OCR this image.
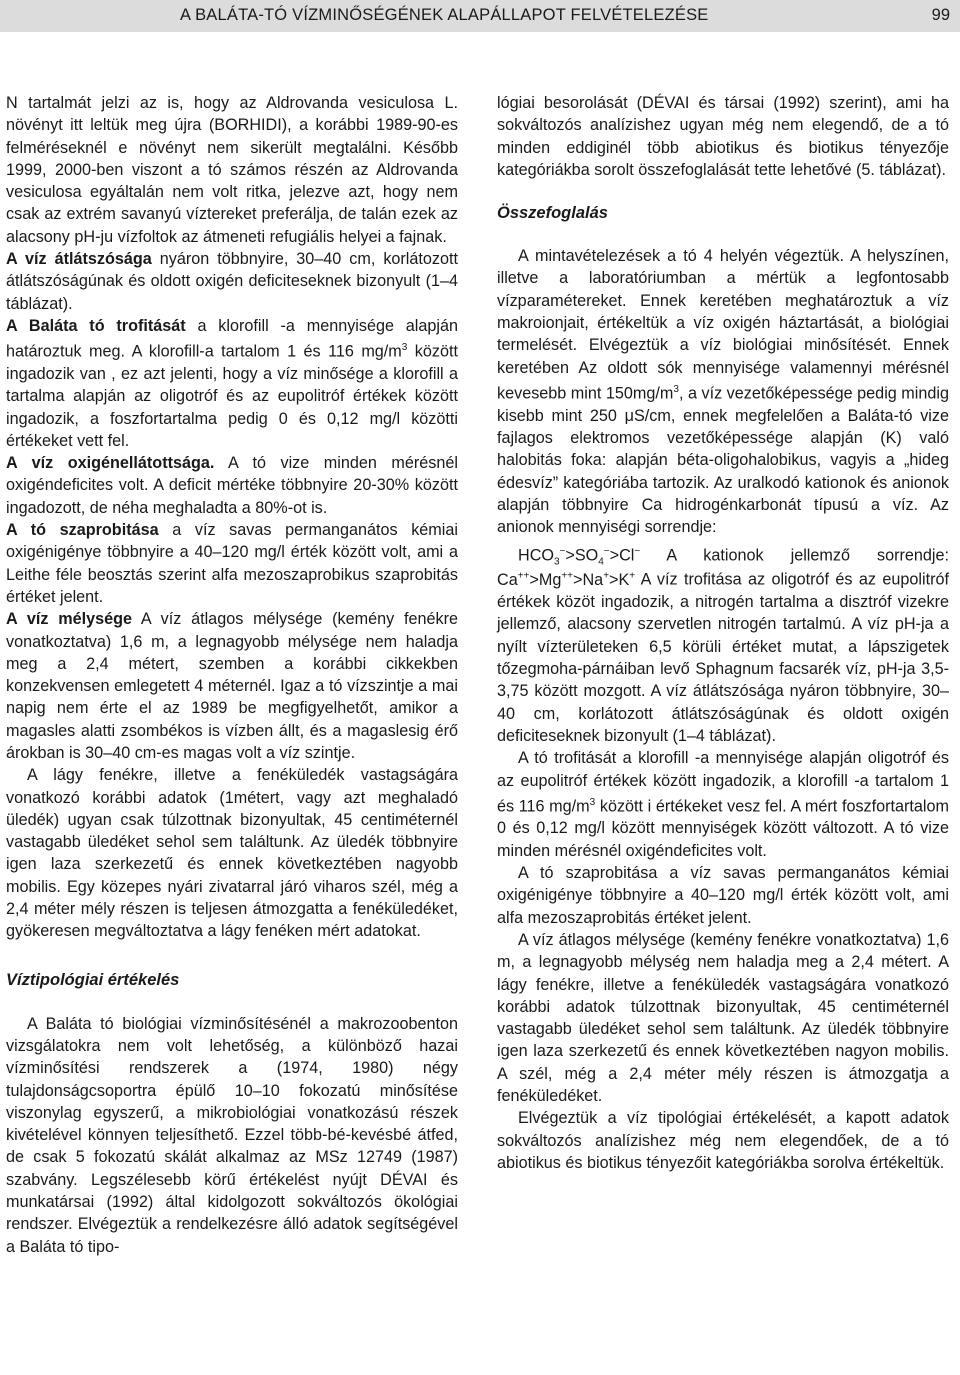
A BALÁTA-TÓ VÍZMINŐSÉGÉNEK ALAPÁLLAPOT FELVÉTELEZÉSE	99

N tartalmát jelzi az is, hogy az Aldrovanda vesiculosa L. növényt itt leltük meg újra (BORHIDI), a korábbi 1989-90-es felméréseknél e növényt nem sikerült megtalálni. Később 1999, 2000-ben viszont a tó számos részén az Aldrovanda vesiculosa egyáltalán nem volt ritka, jelezve azt, hogy nem csak az extrém savanyú víztereket preferálja, de talán ezek az alacsony pH-ju vízfoltok az átmeneti refugiális helyei a fajnak.

A víz átlátszósága nyáron többnyire, 30–40 cm, korlátozott átlátszóságúnak és oldott oxigén deficiteseknek bizonyult (1–4 táblázat).

A Baláta tó trofitását a klorofill -a mennyisége alapján határoztuk meg. A klorofill-a tartalom 1 és 116 $mg/m^3$ között ingadozik van , ez azt jelenti, hogy a víz minősége a klorofill a tartalma alapján az oligotróf és az eupolitróf értékek között ingadozik, a foszfortartalma pedig 0 és 0,12 mg/l közötti értékeket vett fel.

A víz oxigénellátottsága. A tó vize minden mérésnél oxigéndeficites volt. A deficit mértéke többnyire 20-30% között ingadozott, de néha meghaladta a 80%-ot is.

A tó szaprobitása a víz savas permanganátos kémiai oxigénigénye többnyire a 40–120 mg/l érték között volt, ami a Leithe féle beosztás szerint alfa mezoszaprobikus szaprobitás értéket jelent.

A víz mélysége A víz átlagos mélysége (kemény fenékre vonatkoztatva) 1,6 m, a legnagyobb mélysége nem haladja meg a 2,4 métert, szemben a korábbi cikkekben konzekvensen emlegetett 4 méternél. Igaz a tó vízszintje a mai napig nem érte el az 1989 be megfigyelhetőt, amikor a magasles alatti zsombékos is vízben állt, és a magaslesig érő árokban is 30–40 cm-es magas volt a víz szintje.

A lágy fenékre, illetve a fenéküledék vastagságára vonatkozó korábbi adatok (1métert, vagy azt meghaladó üledék) ugyan csak túlzottnak bizonyultak, 45 centiméternél vastagabb üledéket sehol sem találtunk. Az üledék többnyire igen laza szerkezetű és ennek következtében nagyobb mobilis. Egy közepes nyári zivatarral járó viharos szél, még a 2,4 méter mély részen is teljesen átmozgatta a fenéküledéket, gyökeresen megváltoztatva a lágy fenéken mért adatokat.

Víztipológiai értékelés

A Baláta tó biológiai vízminősítésénél a makrozoobenton vizsgálatokra nem volt lehetőség, a különböző hazai vízminősítési rendszerek a (1974, 1980) négy tulajdonságcsoportra épülő 10–10 fokozatú minősítése viszonylag egyszerű, a mikrobiológiai vonatkozású részek kivételével könnyen teljesíthető. Ezzel több-bé-kevésbé átfed, de csak 5 fokozatú skálát alkalmaz az MSz 12749 (1987) szabvány. Legszélesebb körű értékelést nyújt DÉVAI és munkatársai (1992) által kidolgozott sokváltozós ökológiai rendszer. Elvégeztük a rendelkezésre álló adatok segítségével a Baláta tó tipo-

lógiai besorolását (DÉVAI és társai (1992) szerint), ami ha sokváltozós analízishez ugyan még nem elegendő, de a tó minden eddiginél több abiotikus és biotikus tényezője kategóriákba sorolt összefoglalását tette lehetővé (5. táblázat).

Összefoglalás

A mintavételezések a tó 4 helyén végeztük. A helyszínen, illetve a laboratóriumban a mértük a legfontosabb vízparamétereket. Ennek keretében meghatároztuk a víz makroionjait, értékeltük a víz oxigén háztartását, a biológiai termelését. Elvégeztük a víz biológiai minősítését. Ennek keretében Az oldott sók mennyisége valamennyi mérésnél kevesebb mint $150mg/m^3$, a víz vezetőképessége pedig mindig kisebb mint 250 μS/cm, ennek megfelelően a Baláta-tó vize fajlagos elektromos vezetőképessége alapján (K) való halobitás foka: alapján béta-oligohalobikus, vagyis a „hideg édesvíz” kategóriába tartozik. Az uralkodó kationok és anionok alapján többnyire Ca hidrogénkarbonát típusú a víz. Az anionok mennyiségi sorrendje:
$HCO_3^->SO_4^->Cl^-$ A kationok jellemző sorrendje:
Ca++>Mg++>Na+>K+ A víz trofitása az oligotróf és az eupolitróf értékek közöt ingadozik, a nitrogén tartalma a disztróf vizekre jellemző, alacsony szervetlen nitrogén tartalmú. A víz pH-ja a nyílt vízterületeken 6,5 körüli értéket mutat, a lápszigetek tőzegmoha-párnáiban levő Sphagnum facsarék víz, pH-ja 3,5-3,75 között mozgott. A víz átlátszósága nyáron többnyire, 30–40 cm, korlátozott átlátszóságúnak és oldott oxigén deficiteseknek bizonyult (1–4 táblázat).

A tó trofitását a klorofill -a mennyisége alapján oligotróf és az eupolitróf értékek között ingadozik, a klorofill -a tartalom 1 és 116 $mg/m^3$ között i értékeket vesz fel. A mért foszfortartalom 0 és 0,12 mg/l között mennyiségek között változott. A tó vize minden mérésnél oxigéndeficites volt.

A tó szaprobitása a víz savas permanganátos kémiai oxigénigénye többnyire a 40–120 mg/l érték között volt, ami alfa mezoszaprobitás értéket jelent.

A víz átlagos mélysége (kemény fenékre vonatkoztatva) 1,6 m, a legnagyobb mélység nem haladja meg a 2,4 métert. A lágy fenékre, illetve a fenéküledék vastagságára vonatkozó korábbi adatok túlzottnak bizonyultak, 45 centiméternél vastagabb üledéket sehol sem találtunk. Az üledék többnyire igen laza szerkezetű és ennek következtében nagyon mobilis. A szél, még a 2,4 méter mély részen is átmozgatja a fenéküledéket.

Elvégeztük a víz tipológiai értékelését, a kapott adatok sokváltozós analízishez még nem elegendőek, de a tó abiotikus és biotikus tényezőit kategóriákba sorolva értékeltük.
